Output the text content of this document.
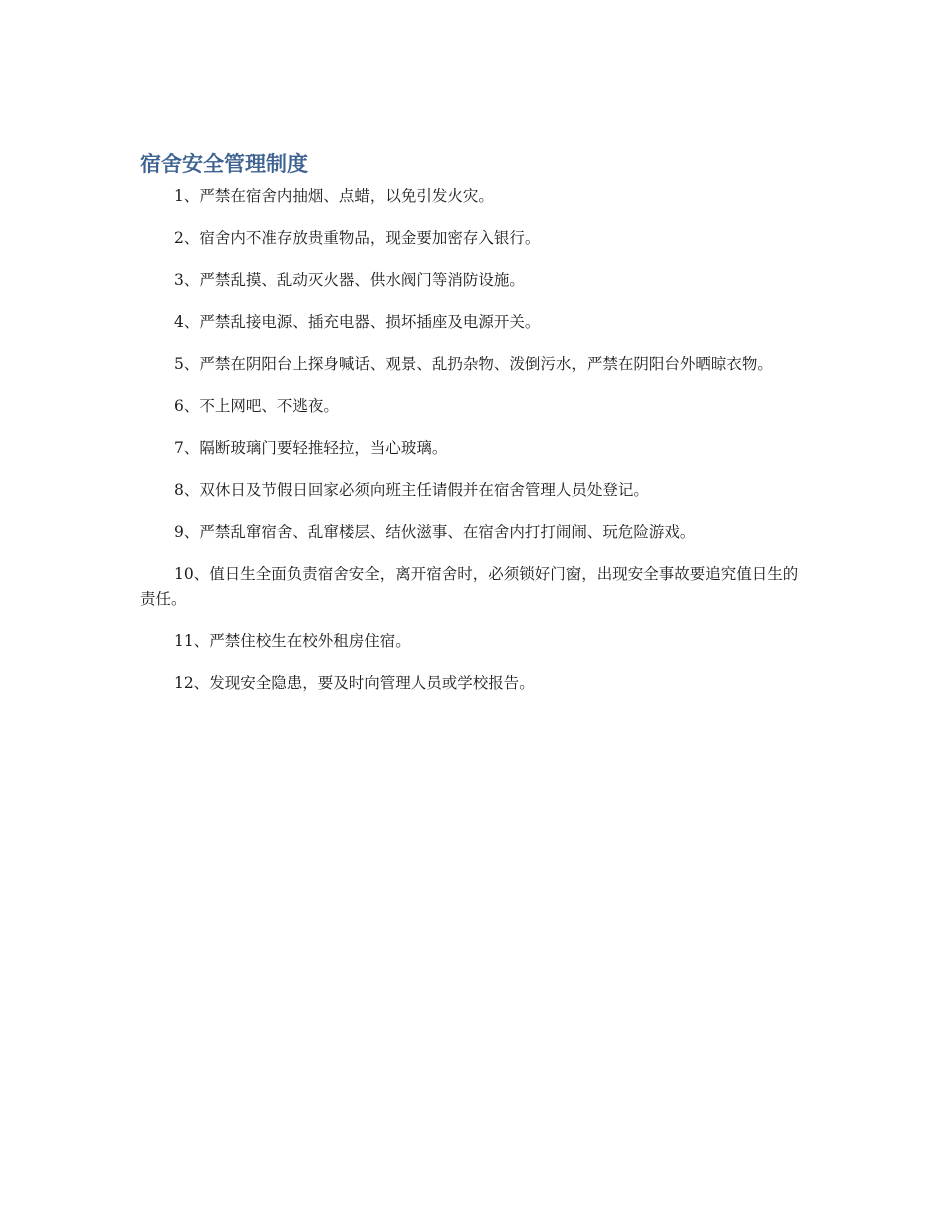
宿舍安全管理制度

1、严禁在宿舍内抽烟、点蜡，以免引发火灾。

2、宿舍内不准存放贵重物品，现金要加密存入银行。

3、严禁乱摸、乱动灭火器、供水阀门等消防设施。

4、严禁乱接电源、插充电器、损坏插座及电源开关。

5、严禁在阴阳台上探身喊话、观景、乱扔杂物、泼倒污水，严禁在阴阳台外晒晾衣物。

6、不上网吧、不逃夜。

7、隔断玻璃门要轻推轻拉，当心玻璃。

8、双休日及节假日回家必须向班主任请假并在宿舍管理人员处登记。

9、严禁乱窜宿舍、乱窜楼层、结伙滋事、在宿舍内打打闹闹、玩危险游戏。

10、值日生全面负责宿舍安全，离开宿舍时，必须锁好门窗，出现安全事故要追究值日生的责任。

11、严禁住校生在校外租房住宿。

12、发现安全隐患，要及时向管理人员或学校报告。
